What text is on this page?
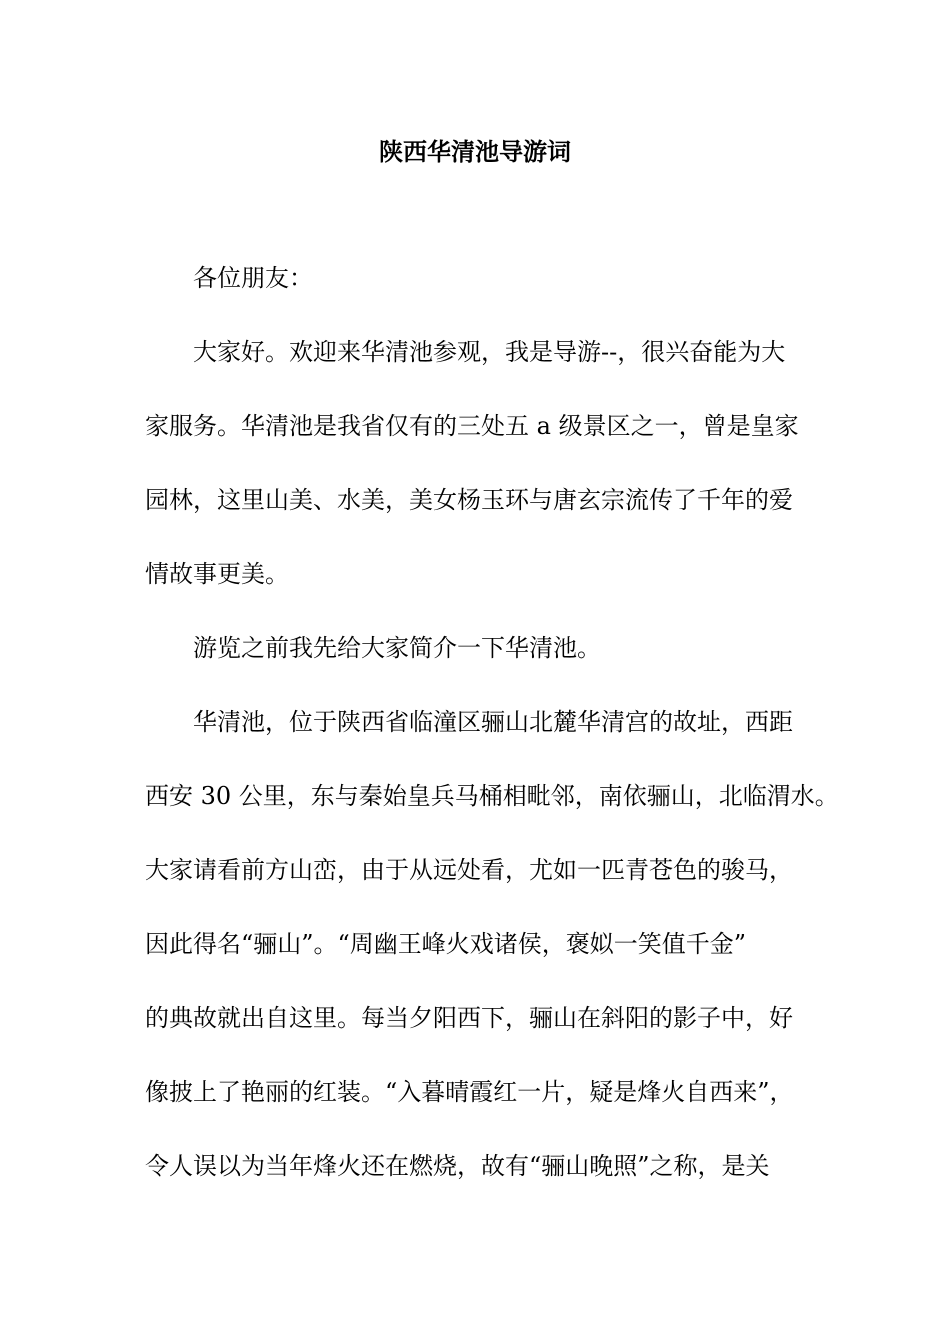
陕西华清池导游词
各位朋友：
大家好。欢迎来华清池参观，我是导游--，很兴奋能为大
家服务。华清池是我省仅有的三处五 a 级景区之一，曾是皇家
园林，这里山美、水美，美女杨玉环与唐玄宗流传了千年的爱
情故事更美。
游览之前我先给大家简介一下华清池。
华清池，位于陕西省临潼区骊山北麓华清宫的故址，西距
西安 30 公里，东与秦始皇兵马桶相毗邻，南依骊山，北临渭水。
大家请看前方山峦，由于从远处看，尤如一匹青苍色的骏马，
因此得名“骊山”。“周幽王峰火戏诸侯，褒姒一笑值千金”
的典故就出自这里。每当夕阳西下，骊山在斜阳的影子中，好
像披上了艳丽的红装。“入暮晴霞红一片，疑是烽火自西来”，
令人误以为当年烽火还在燃烧，故有“骊山晚照”之称，是关
